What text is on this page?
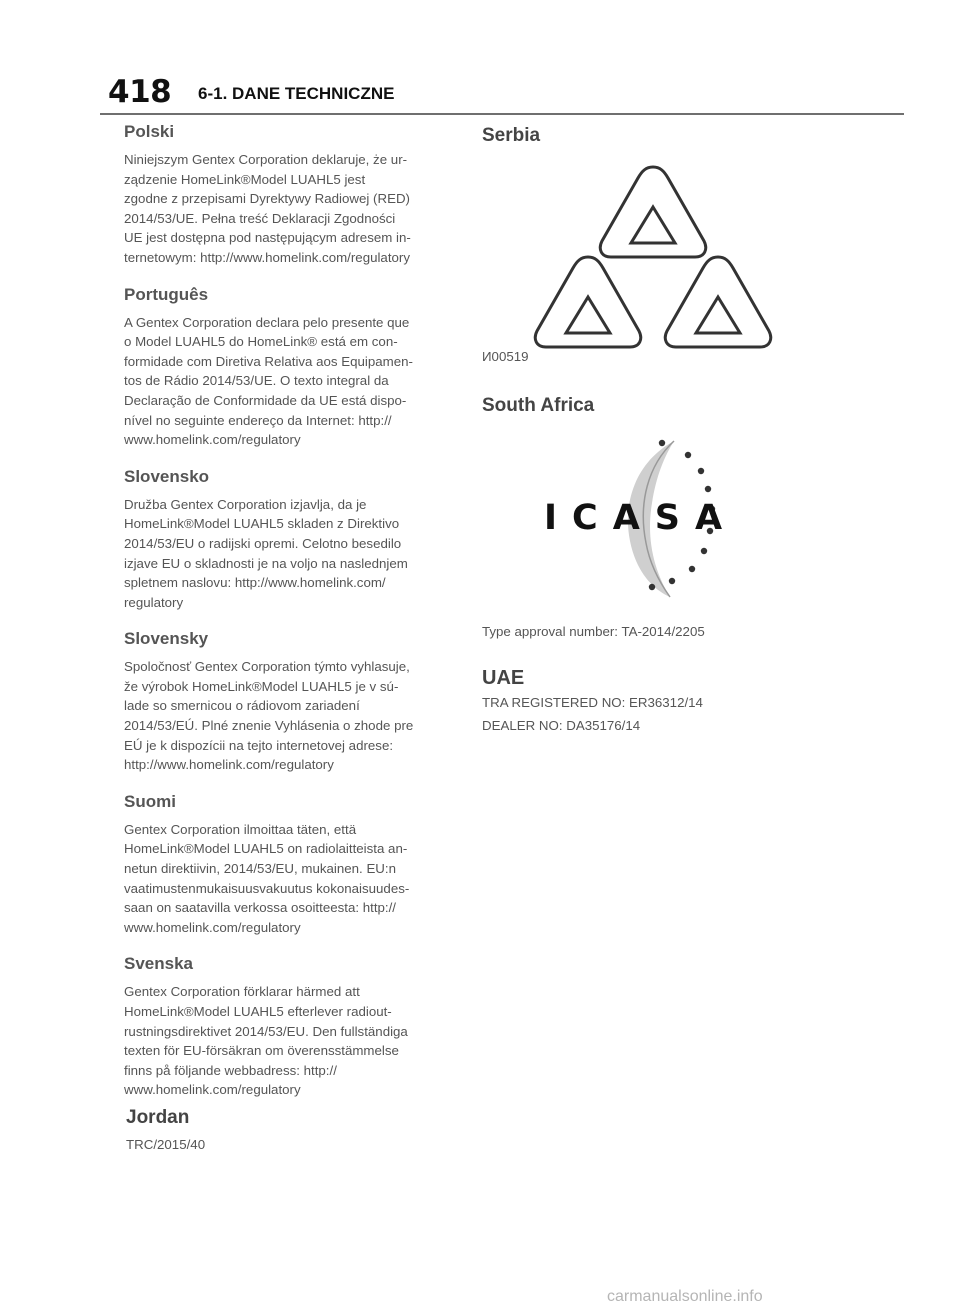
418 6-1. DANE TECHNICZNE
Polski
Niniejszym Gentex Corporation deklaruje, że ur-
ządzenie HomeLink®Model LUAHL5 jest
zgodne z przepisami Dyrektywy Radiowej (RED)
2014/53/UE. Pełna treść Deklaracji Zgodności
UE jest dostępna pod następującym adresem in-
ternetowym: http://www.homelink.com/regulatory
Português
A Gentex Corporation declara pelo presente que
o Model LUAHL5 do HomeLink® está em con-
formidade com Diretiva Relativa aos Equipamen-
tos de Rádio 2014/53/UE. O texto integral da
Declaração de Conformidade da UE está dispo-
nível no seguinte endereço da Internet: http://
www.homelink.com/regulatory
Slovensko
Družba Gentex Corporation izjavlja, da je
HomeLink®Model LUAHL5 skladen z Direktivo
2014/53/EU o radijski opremi. Celotno besedilo
izjave EU o skladnosti je na voljo na naslednjem
spletnem naslovu: http://www.homelink.com/
regulatory
Slovensky
Spoločnosť Gentex Corporation týmto vyhlasuje,
že výrobok HomeLink®Model LUAHL5 je v sú-
lade so smernicou o rádiovom zariadení
2014/53/EÚ. Plné znenie Vyhlásenia o zhode pre
EÚ je k dispozícii na tejto internetovej adrese:
http://www.homelink.com/regulatory
Suomi
Gentex Corporation ilmoittaa täten, että
HomeLink®Model LUAHL5 on radiolaitteista an-
netun direktiivin, 2014/53/EU, mukainen. EU:n
vaatimustenmukaisuusvakuutus kokonaisuudes-
saan on saatavilla verkossa osoitteesta: http://
www.homelink.com/regulatory
Svenska
Gentex Corporation förklarar härmed att
HomeLink®Model LUAHL5 efterlever radiout-
rustningsdirektivet 2014/53/EU. Den fullständiga
texten för EU-försäkran om överensstämmelse
finns på följande webbadress: http://
www.homelink.com/regulatory
Jordan
TRC/2015/40
Serbia
И00519
South Africa
ICASA
Type approval number: TA-2014/2205
UAE
TRA REGISTERED NO: ER36312/14
DEALER NO: DA35176/14
carmanualsonline.info
